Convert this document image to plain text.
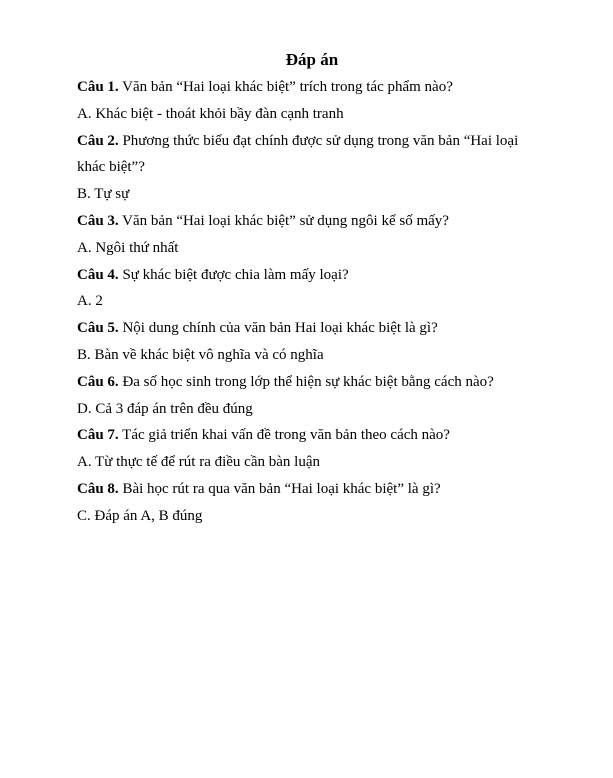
Đáp án

Câu 1. Văn bản “Hai loại khác biệt” trích trong tác phẩm nào?

A. Khác biệt - thoát khỏi bầy đàn cạnh tranh

Câu 2. Phương thức biểu đạt chính được sử dụng trong văn bản “Hai loại khác biệt”?

B. Tự sự

Câu 3. Văn bản “Hai loại khác biệt” sử dụng ngôi kể số mấy?

A. Ngôi thứ nhất

Câu 4. Sự khác biệt được chia làm mấy loại?

A. 2

Câu 5. Nội dung chính của văn bản Hai loại khác biệt là gì?

B. Bàn về khác biệt vô nghĩa và có nghĩa

Câu 6. Đa số học sinh trong lớp thể hiện sự khác biệt bằng cách nào?

D. Cả 3 đáp án trên đều đúng

Câu 7. Tác giả triển khai vấn đề trong văn bản theo cách nào?

A. Từ thực tế để rút ra điều cần bàn luận

Câu 8. Bài học rút ra qua văn bản “Hai loại khác biệt” là gì?

C. Đáp án A, B đúng
